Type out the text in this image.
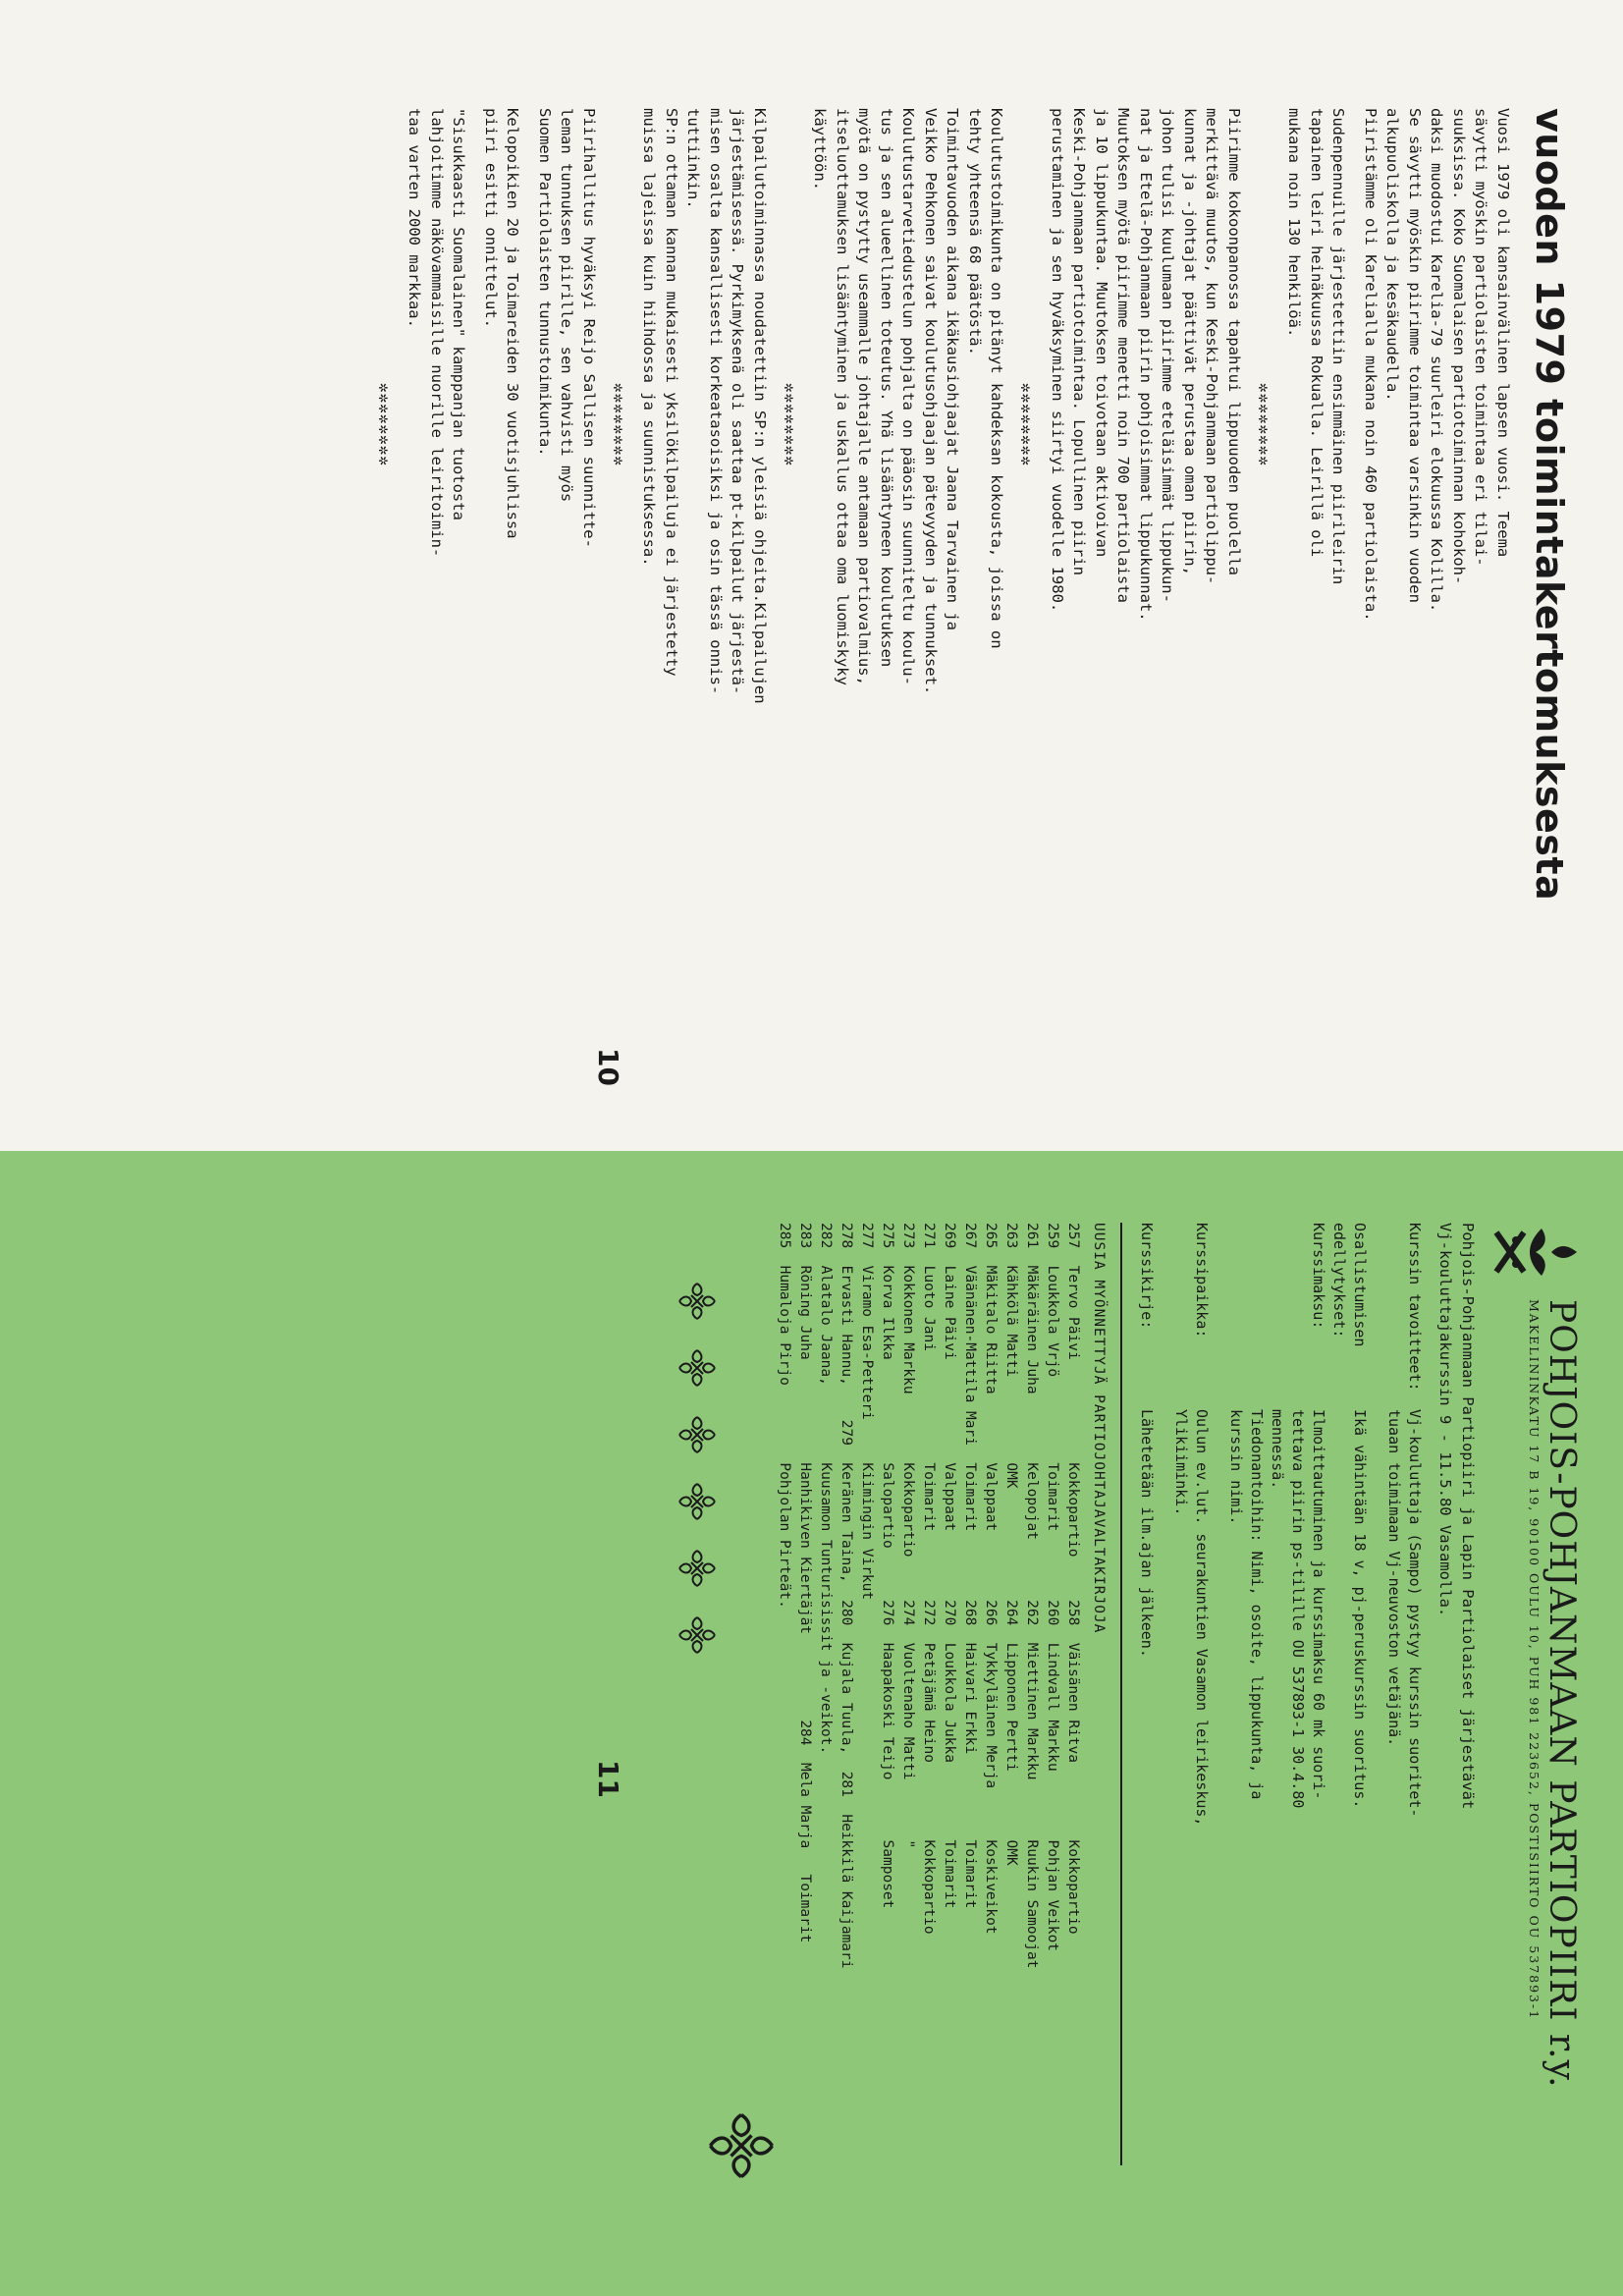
vuoden 1979 toimintakertomuksesta
Vuosi 1979 oli kansainvälinen lapsen vuosi. Teema
sävytti myöskin partiolaisten toimintaa eri tilai-
suuksissa. Koko Suomalaisen partiotoiminnan kohokoh-
daksi muodostui Karelia-79 suurleiri elokuussa Kolilla.
Se sävytti myöskin piirimme toimintaa varsinkin vuoden
alkupuoliskolla ja kesäkaudella.
Piiristämme oli Karelialla mukana noin 460 partiolaista.
Sudenpennuille järjestettiin ensimmäinen piirileirin
tapainen leiri heinäkuussa Rokualla. Leirillä oli
mukana noin 130 henkilöä.
✲✲✲✲✲✲✲✲
Piirimme kokoonpanossa tapahtui lippuuoden puolella
merkittävä muutos, kun Keski-Pohjanmaan partiolippu-
kunnat ja -johtajat päättivät perustaa oman piirin,
johon tulisi kuulumaan piirimme eteläisimmät lippukun-
nat ja Etelä-Pohjanmaan piirin pohjoisimmat lippukunnat.
Muutoksen myötä piirimme menetti noin 700 partiolaista
ja 10 lippukuntaa. Muutoksen toivotaan aktivoivan
Keski-Pohjanmaan partiotoimintaa. Lopullinen piirin
perustaminen ja sen hyväksyminen siirtyi vuodelle 1980.
✲✲✲✲✲✲✲✲
Koulutustoimikunta on pitänyt kahdeksan kokousta, joissa on
tehty yhteensä 68 päätöstä.
Toimintavuoden aikana ikäkausiohjaajat Jaana Tarvainen ja
Veikko Pehkonen saivat koulutusohjaajan pätevyyden ja tunnukset.
Koulutustarvetiedustelun pohjalta on pääosin suunniteltu koulu-
tus ja sen alueellinen toteutus. Yhä lisääntyneen koulutuksen
myötä on pystytty useammalle johtajalle antamaan partiovalmius,
itseluottamuksen lisääntyminen ja uskallus ottaa oma luomiskyky
käyttöön.
✲✲✲✲✲✲✲✲
Kilpailutoiminnassa noudatettiin SP:n yleisiä ohjeita.Kilpailujen
järjestämisessä. Pyrkimyksenä oli saattaa pt-kilpailut järjestä-
misen osalta kansallisesti korkeatasoisiksi ja osin tässä onnis-
tuttiinkin.
SP:n ottaman kannan mukaisesti yksilökilpailuja ei järjestetty
muissa lajeissa kuin hiihdossa ja suunnistuksessa.
✲✲✲✲✲✲✲✲
Piirihallitus hyväksyi Reijo Sallisen suunnitte-
leman tunnuksen piirille, sen vahvisti myös
Suomen Partiolaisten tunnustoimikunta.
Kelopoikien 20 ja Toimareiden 30 vuotisjuhlissa
piiri esitti onnittelut.
"Sisukkaasti Suomalainen" kamppanjan tuotosta
lahjoitimme näkövammaisille nuorille leiritoimin-
taa varten 2000 markkaa.
✲✲✲✲✲✲✲✲
10
POHJOIS-POHJANMAAN PARTIOPIIRI r.y.
MAKELININKATU 17 B 19, 90100 OULU 10, PUH 981 223652, POSTISIIRTO OU 537893-1
Pohjois-Pohjanmaan Partiopiiri ja Lapin Partiolaiset järjestävät
Vj-kouluttajakurssin 9 - 11.5.80 Vasamolla.
Kurssin tavoitteet:
Vj-kouluttaja (Sampo) pystyy kurssin suoritet-
tuaan toimimaan Vj-neuvoston vetäjänä.
Osallistumisen
edellytykset:
Ikä vähintään 18 v, pj-peruskurssin suoritus.
Kurssimaksu:
Ilmoittautuminen ja kurssimaksu 60 mk suori-
tettava piirin ps-tilille OU 537893-1 30.4.80
mennessä.
Tiedonantoihin: Nimi, osoite, lippukunta, ja
kurssin nimi.
Kurssipaikka:
Oulun ev.lut. seurakuntien Vasamon leirikeskus,
Ylikiiminki.
Kurssikirje:
Lähetetään ilm.ajan jälkeen.
UUSIA MYÖNNETTYJÄ PARTIOJOHTAJAVALTAKIRJOJA
257  Tervo Päivi            Kokkopartio     258  Väisänen Ritva         Kokkopartio
259  Loukkola Vrjö          Toimarit        260  Lindvall Markku        Pohjan Veikot
261  Mäkäräinen Juha        Kelopojat       262  Miettinen Markku       Ruukin Samoojat
263  Kähkölä Matti          OMK             264  Lipponen Pertti        OMK
265  Mäkitalo Riitta        Valppaat        266  Tykkyläinen Merja      Koskiveikot
267  Väänänen-Mattila Mari  Toimarit        268  Haivari Erkki          Toimarit
269  Laine Päivi            Valppaat        270  Loukkola Jukka         Toimarit
271  Luoto Jani             Toimarit        272  Petäjämä Heino         Kokkopartio
273  Kokkonen Markku        Kokkopartio     274  Vuoltenaho Matti       "
275  Korva Ilkka            Salopartio      276  Haapakoski Teijo       Samposet
277  Viramo Esa-Petteri     Kiimingin Virkut
278  Ervasti Hannu,    279  Keränen Taina,  280  Kujala Tuula,  281  Heikkilä Kaijamari
282  Alatalo Jaana,         Kuusamon Tunturisissit ja -veikot.
283  Röning Juha            Hanhikiven Kiertäjät          284  Mela Marja   Toimarit
285  Humaloja Pirjo         Pohjolan Pirteät.
11
